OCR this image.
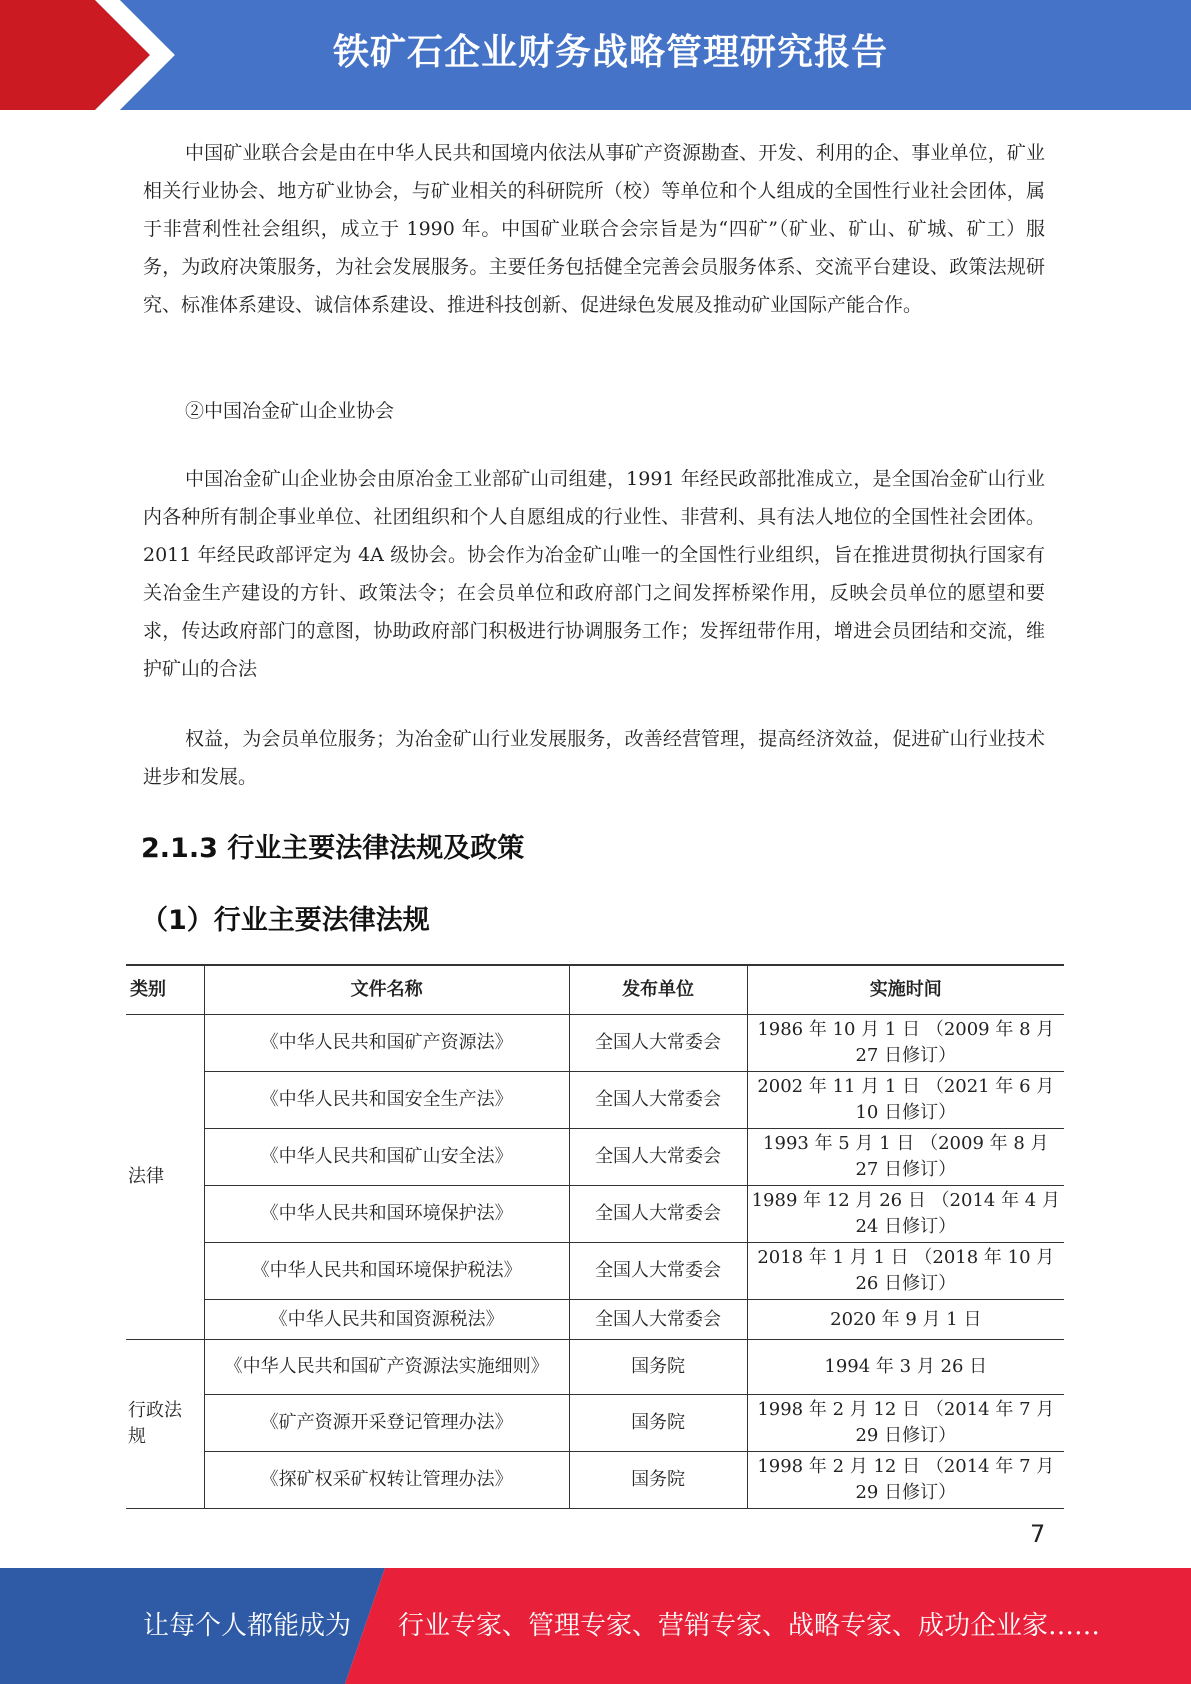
铁矿石企业财务战略管理研究报告

中国矿业联合会是由在中华人民共和国境内依法从事矿产资源勘查、开发、利用的企、事业单位，矿业相关行业协会、地方矿业协会，与矿业相关的科研院所（校）等单位和个人组成的全国性行业社会团体，属于非营利性社会组织，成立于 1990 年。中国矿业联合会宗旨是为“四矿”（矿业、矿山、矿城、矿工）服务，为政府决策服务，为社会发展服务。主要任务包括健全完善会员服务体系、交流平台建设、政策法规研究、标准体系建设、诚信体系建设、推进科技创新、促进绿色发展及推动矿业国际产能合作。

②中国冶金矿山企业协会

中国冶金矿山企业协会由原冶金工业部矿山司组建，1991 年经民政部批准成立，是全国冶金矿山行业内各种所有制企事业单位、社团组织和个人自愿组成的行业性、非营利、具有法人地位的全国性社会团体。2011 年经民政部评定为 4A 级协会。协会作为冶金矿山唯一的全国性行业组织，旨在推进贯彻执行国家有关冶金生产建设的方针、政策法令；在会员单位和政府部门之间发挥桥梁作用，反映会员单位的愿望和要求，传达政府部门的意图，协助政府部门积极进行协调服务工作；发挥纽带作用，增进会员团结和交流，维护矿山的合法

权益，为会员单位服务；为冶金矿山行业发展服务，改善经营管理，提高经济效益，促进矿山行业技术进步和发展。

2.1.3 行业主要法律法规及政策
（1）行业主要法律法规
类别	文件名称	发布单位	实施时间
法律	《中华人民共和国矿产资源法》	全国人大常委会	1986 年 10 月 1 日 （2009 年 8 月 27 日修订）
	《中华人民共和国安全生产法》	全国人大常委会	2002 年 11 月 1 日 （2021 年 6 月 10 日修订）
	《中华人民共和国矿山安全法》	全国人大常委会	1993 年 5 月 1 日 （2009 年 8 月 27 日修订）
	《中华人民共和国环境保护法》	全国人大常委会	1989 年 12 月 26 日 （2014 年 4 月 24 日修订）
	《中华人民共和国环境保护税法》	全国人大常委会	2018 年 1 月 1 日 （2018 年 10 月 26 日修订）
	《中华人民共和国资源税法》	全国人大常委会	2020 年 9 月 1 日
行政法规	《中华人民共和国矿产资源法实施细则》	国务院	1994 年 3 月 26 日
	《矿产资源开采登记管理办法》	国务院	1998 年 2 月 12 日 （2014 年 7 月 29 日修订）
	《探矿权采矿权转让管理办法》	国务院	1998 年 2 月 12 日 （2014 年 7 月 29 日修订）
7
让每个人都能成为 行业专家、管理专家、营销专家、战略专家、成功企业家……
